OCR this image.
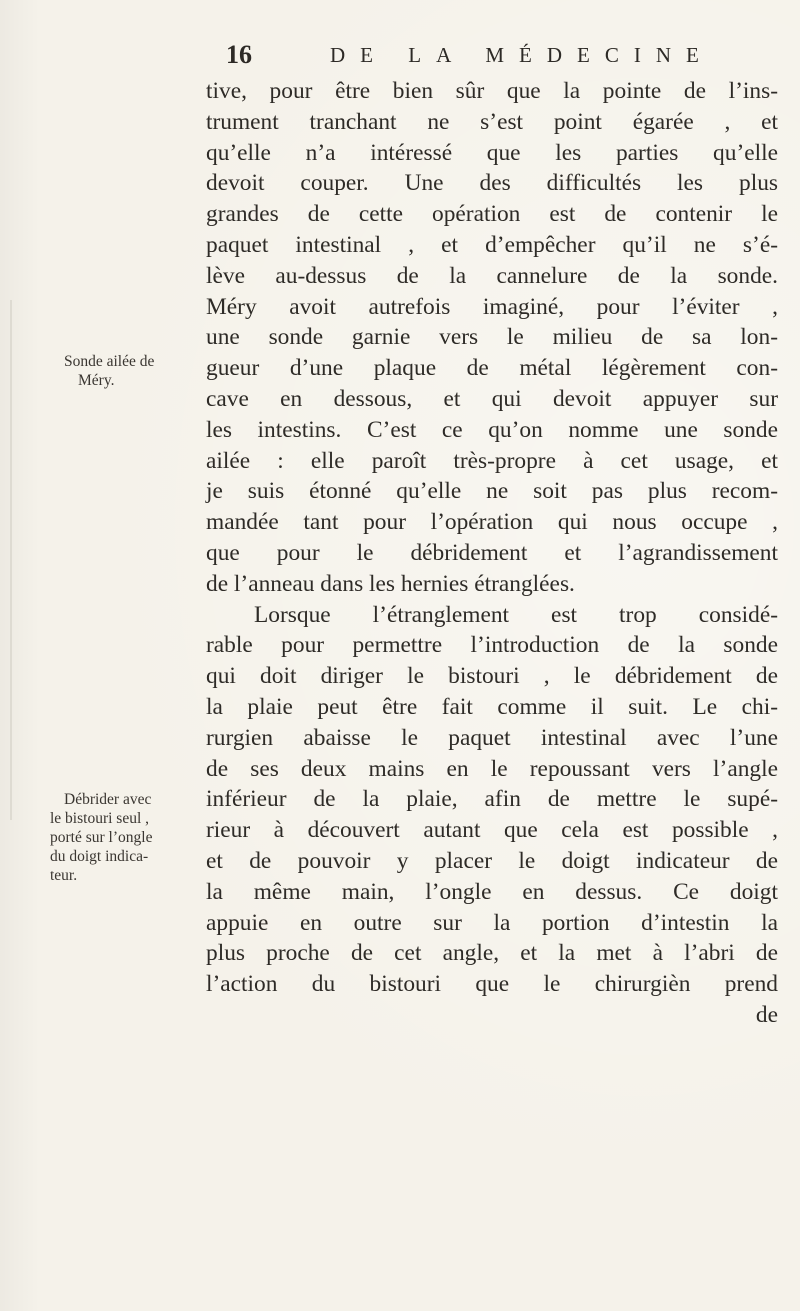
16	DE LA MÉDECINE
Sonde ailée de
Méry.
Débrider avec
le bistouri seul ,
porté sur l’ongle
du doigt indica-
teur.
tive, pour être bien sûr que la pointe de l’ins-
trument tranchant ne s’est point égarée , et
qu’elle n’a intéressé que les parties qu’elle
devoit couper. Une des difficultés les plus
grandes de cette opération est de contenir le
paquet intestinal , et d’empêcher qu’il ne s’é-
lève au-dessus de la cannelure de la sonde.
Méry avoit autrefois imaginé, pour l’éviter ,
une sonde garnie vers le milieu de sa lon-
gueur d’une plaque de métal légèrement con-
cave en dessous, et qui devoit appuyer sur
les intestins. C’est ce qu’on nomme une sonde
ailée : elle paroît très-propre à cet usage, et
je suis étonné qu’elle ne soit pas plus recom-
mandée tant pour l’opération qui nous occupe ,
que pour le débridement et l’agrandissement
de l’anneau dans les hernies étranglées.
Lorsque l’étranglement est trop considé-
rable pour permettre l’introduction de la sonde
qui doit diriger le bistouri , le débridement de
la plaie peut être fait comme il suit. Le chi-
rurgien abaisse le paquet intestinal avec l’une
de ses deux mains en le repoussant vers l’angle
inférieur de la plaie, afin de mettre le supé-
rieur à découvert autant que cela est possible ,
et de pouvoir y placer le doigt indicateur de
la même main, l’ongle en dessus. Ce doigt
appuie en outre sur la portion d’intestin la
plus proche de cet angle, et la met à l’abri de
l’action du bistouri que le chirurgièn prend
de
